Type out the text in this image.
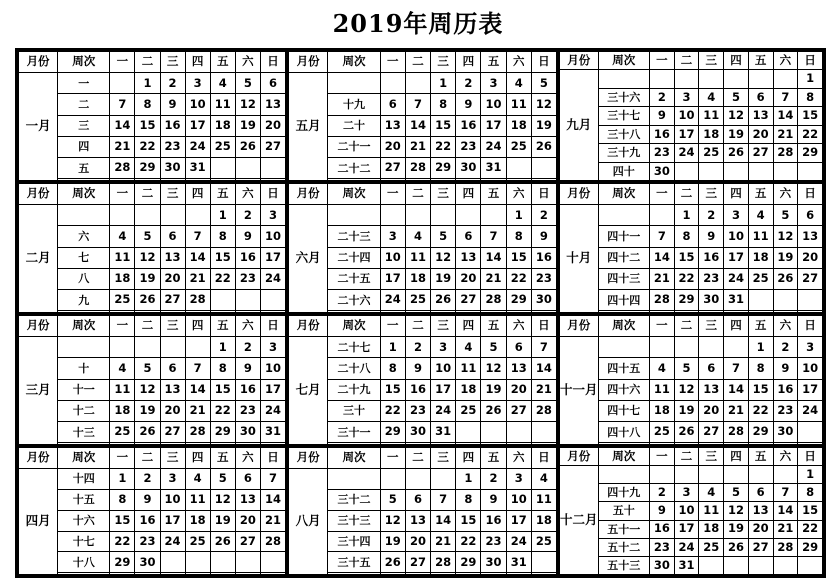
2019年周历表
月份	周次	一	二	三	四	五	六	日
一月	一		1	2	3	4	5	6
	二	7	8	9	10	11	12	13
	三	14	15	16	17	18	19	20
	四	21	22	23	24	25	26	27
	五	28	29	30	31			

月份	周次	一	二	三	四	五	六	日
二月						1	2	3
	六	4	5	6	7	8	9	10
	七	11	12	13	14	15	16	17
	八	18	19	20	21	22	23	24
	九	25	26	27	28			

月份	周次	一	二	三	四	五	六	日
三月						1	2	3
	十	4	5	6	7	8	9	10
	十一	11	12	13	14	15	16	17
	十二	18	19	20	21	22	23	24
	十三	25	26	27	28	29	30	31

月份	周次	一	二	三	四	五	六	日
四月	十四	1	2	3	4	5	6	7
	十五	8	9	10	11	12	13	14
	十六	15	16	17	18	19	20	21
	十七	22	23	24	25	26	27	28
	十八	29	30					

月份	周次	一	二	三	四	五	六	日
五月				1	2	3	4	5
	十九	6	7	8	9	10	11	12
	二十	13	14	15	16	17	18	19
	二十一	20	21	22	23	24	25	26
	二十二	27	28	29	30	31		

月份	周次	一	二	三	四	五	六	日
六月							1	2
	二十三	3	4	5	6	7	8	9
	二十四	10	11	12	13	14	15	16
	二十五	17	18	19	20	21	22	23
	二十六	24	25	26	27	28	29	30

月份	周次	一	二	三	四	五	六	日
七月	二十七	1	2	3	4	5	6	7
	二十八	8	9	10	11	12	13	14
	二十九	15	16	17	18	19	20	21
	三十	22	23	24	25	26	27	28
	三十一	29	30	31				

月份	周次	一	二	三	四	五	六	日
八月					1	2	3	4
	三十二	5	6	7	8	9	10	11
	三十三	12	13	14	15	16	17	18
	三十四	19	20	21	22	23	24	25
	三十五	26	27	28	29	30	31	

月份	周次	一	二	三	四	五	六	日
九月								1
	三十六	2	3	4	5	6	7	8
	三十七	9	10	11	12	13	14	15
	三十八	16	17	18	19	20	21	22
	三十九	23	24	25	26	27	28	29
	四十	30						
月份	周次	一	二	三	四	五	六	日
十月			1	2	3	4	5	6
	四十一	7	8	9	10	11	12	13
	四十二	14	15	16	17	18	19	20
	四十三	21	22	23	24	25	26	27
	四十四	28	29	30	31			

月份	周次	一	二	三	四	五	六	日
十一月						1	2	3
	四十五	4	5	6	7	8	9	10
	四十六	11	12	13	14	15	16	17
	四十七	18	19	20	21	22	23	24
	四十八	25	26	27	28	29	30	

月份	周次	一	二	三	四	五	六	日
十二月								1
	四十九	2	3	4	5	6	7	8
	五十	9	10	11	12	13	14	15
	五十一	16	17	18	19	20	21	22
	五十二	23	24	25	26	27	28	29
	五十三	30	31					
